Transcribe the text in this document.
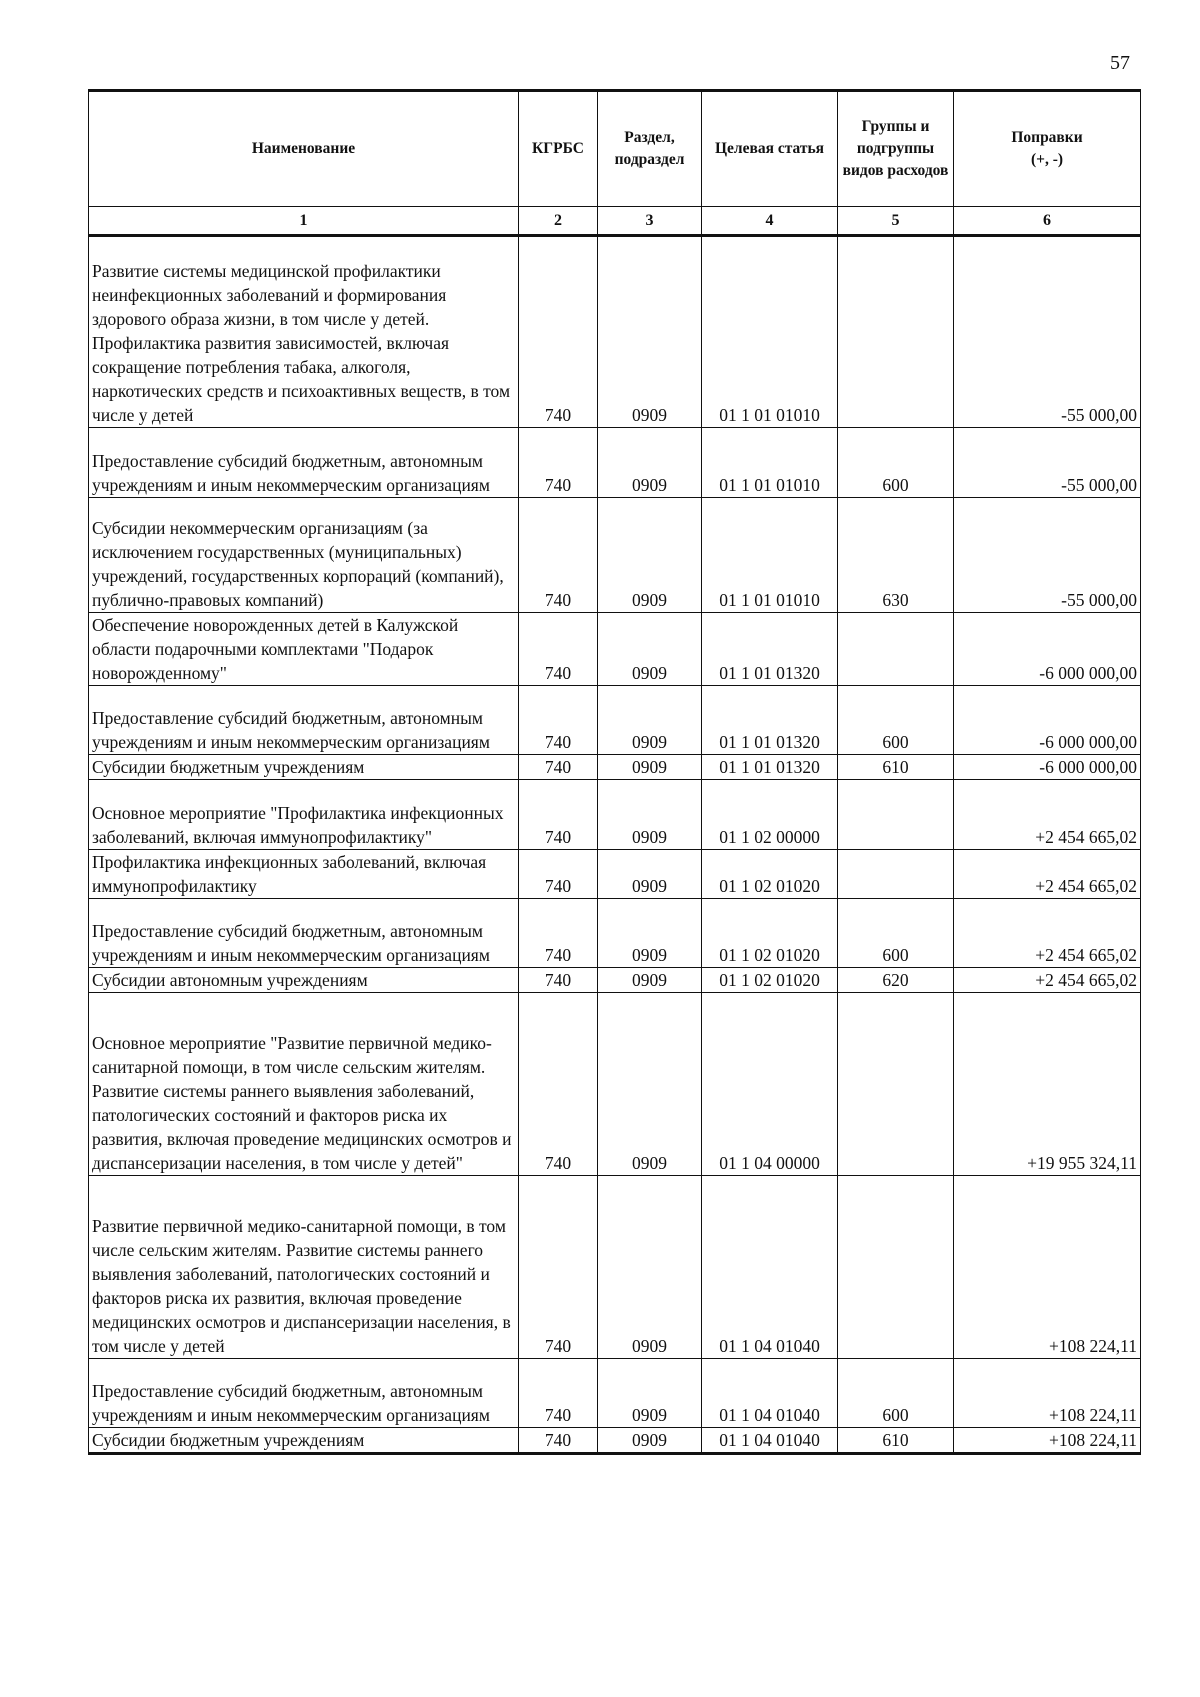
57
Наименование	КГРБС	Раздел, подраздел	Целевая статья	Группы и подгруппы видов расходов	Поправки
(+, -)

1	2	3	4	5	6
Развитие системы медицинской профилактики неинфекционных заболеваний и формирования здорового образа жизни, в том числе у детей. Профилактика развития зависимостей, включая сокращение потребления табака, алкоголя, наркотических средств и психоактивных веществ, в том числе у детей	740	0909	01 1 01 01010		-55 000,00
Предоставление субсидий бюджетным, автономным учреждениям и иным некоммерческим организациям	740	0909	01 1 01 01010	600	-55 000,00
Субсидии некоммерческим организациям (за исключением государственных (муниципальных) учреждений, государственных корпораций (компаний), публично-правовых компаний)	740	0909	01 1 01 01010	630	-55 000,00
Обеспечение новорожденных детей в Калужской области подарочными комплектами "Подарок новорожденному"	740	0909	01 1 01 01320		-6 000 000,00
Предоставление субсидий бюджетным, автономным учреждениям и иным некоммерческим организациям	740	0909	01 1 01 01320	600	-6 000 000,00
Субсидии бюджетным учреждениям	740	0909	01 1 01 01320	610	-6 000 000,00
Основное мероприятие "Профилактика инфекционных заболеваний, включая иммунопрофилактику"	740	0909	01 1 02 00000		+2 454 665,02
Профилактика инфекционных заболеваний, включая иммунопрофилактику	740	0909	01 1 02 01020		+2 454 665,02
Предоставление субсидий бюджетным, автономным учреждениям и иным некоммерческим организациям	740	0909	01 1 02 01020	600	+2 454 665,02
Субсидии автономным учреждениям	740	0909	01 1 02 01020	620	+2 454 665,02
Основное мероприятие "Развитие первичной медико-санитарной помощи, в том числе сельским жителям. Развитие системы раннего выявления заболеваний, патологических состояний и факторов риска их развития, включая проведение медицинских осмотров и диспансеризации населения, в том числе у детей"	740	0909	01 1 04 00000		+19 955 324,11
Развитие первичной медико-санитарной помощи, в том числе сельским жителям. Развитие системы раннего выявления заболеваний, патологических состояний и факторов риска их развития, включая проведение медицинских осмотров и диспансеризации населения, в том числе у детей	740	0909	01 1 04 01040		+108 224,11
Предоставление субсидий бюджетным, автономным учреждениям и иным некоммерческим организациям	740	0909	01 1 04 01040	600	+108 224,11
Субсидии бюджетным учреждениям	740	0909	01 1 04 01040	610	+108 224,11
